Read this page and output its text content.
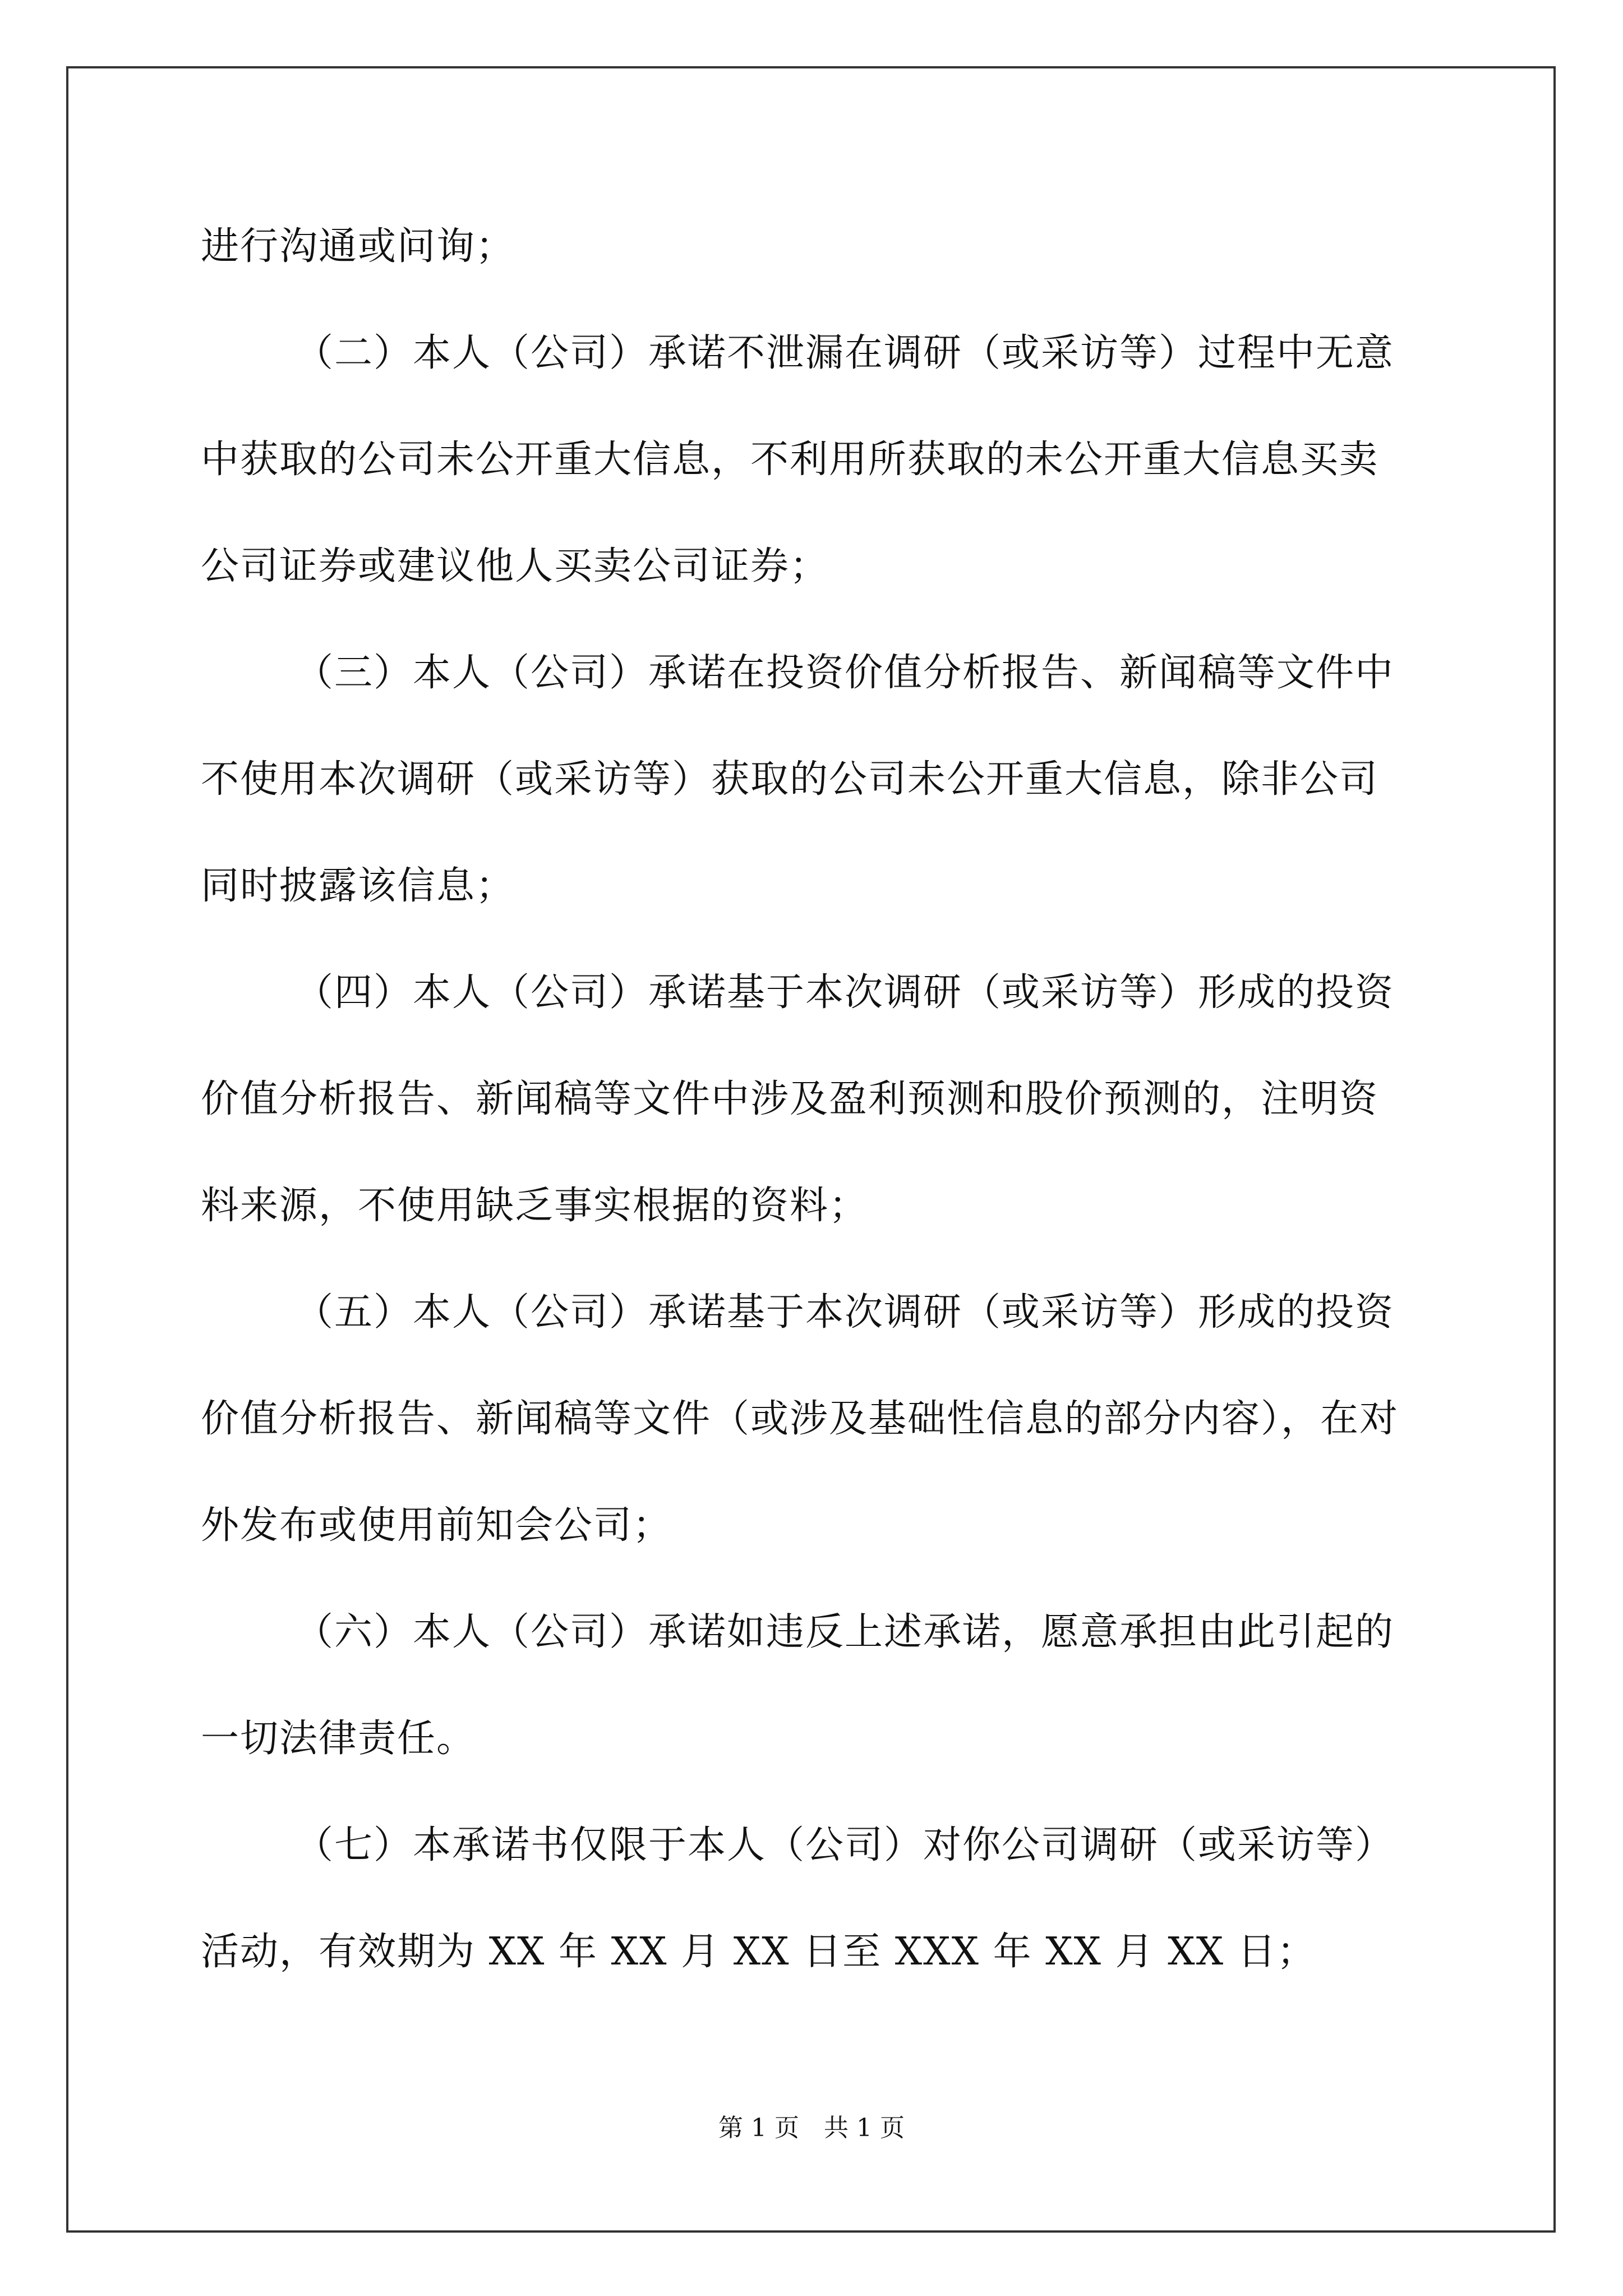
进行沟通或问询；
（二）本人（公司）承诺不泄漏在调研（或采访等）过程中无意
中获取的公司未公开重大信息，不利用所获取的未公开重大信息买卖
公司证券或建议他人买卖公司证券；
（三）本人（公司）承诺在投资价值分析报告、新闻稿等文件中
不使用本次调研（或采访等）获取的公司未公开重大信息，除非公司
同时披露该信息；
（四）本人（公司）承诺基于本次调研（或采访等）形成的投资
价值分析报告、新闻稿等文件中涉及盈利预测和股价预测的，注明资
料来源，不使用缺乏事实根据的资料；
（五）本人（公司）承诺基于本次调研（或采访等）形成的投资
价值分析报告、新闻稿等文件（或涉及基础性信息的部分内容），在对
外发布或使用前知会公司；
（六）本人（公司）承诺如违反上述承诺，愿意承担由此引起的
一切法律责任。
（七）本承诺书仅限于本人（公司）对你公司调研（或采访等）
活动，有效期为 XX 年 XX 月 XX 日至 XXX 年 XX 月 XX 日；
第 1 页　共 1 页
